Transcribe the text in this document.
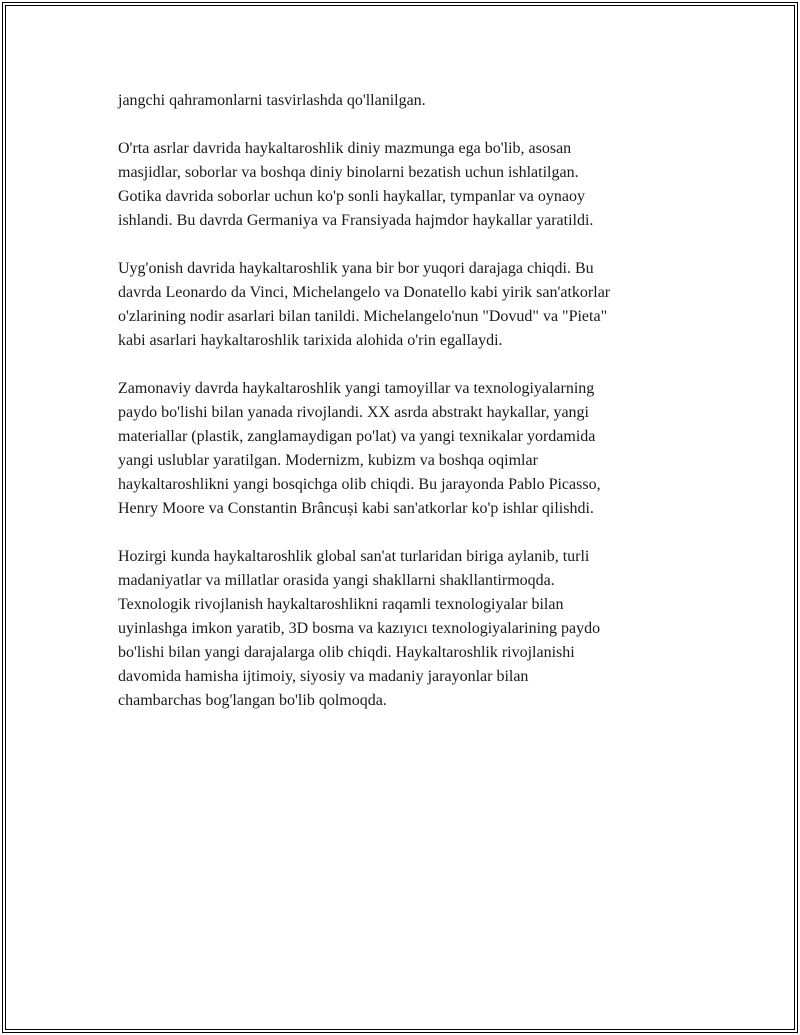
jangchi qahramonlarni tasvirlashda qo'llanilgan.

O'rta asrlar davrida haykaltaroshlik diniy mazmunga ega bo'lib, asosan
masjidlar, soborlar va boshqa diniy binolarni bezatish uchun ishlatilgan.
Gotika davrida soborlar uchun ko'p sonli haykallar, tympanlar va oynaoy
ishlandi. Bu davrda Germaniya va Fransiyada hajmdor haykallar yaratildi.

Uyg'onish davrida haykaltaroshlik yana bir bor yuqori darajaga chiqdi. Bu
davrda Leonardo da Vinci, Michelangelo va Donatello kabi yirik san'atkorlar
o'zlarining nodir asarlari bilan tanildi. Michelangelo'nun "Dovud" va "Pieta"
kabi asarlari haykaltaroshlik tarixida alohida o'rin egallaydi.

Zamonaviy davrda haykaltaroshlik yangi tamoyillar va texnologiyalarning
paydo bo'lishi bilan yanada rivojlandi. XX asrda abstrakt haykallar, yangi
materiallar (plastik, zanglamaydigan po'lat) va yangi texnikalar yordamida
yangi uslublar yaratilgan. Modernizm, kubizm va boshqa oqimlar
haykaltaroshlikni yangi bosqichga olib chiqdi. Bu jarayonda Pablo Picasso,
Henry Moore va Constantin Brâncuși kabi san'atkorlar ko'p ishlar qilishdi.

Hozirgi kunda haykaltaroshlik global san'at turlaridan biriga aylanib, turli
madaniyatlar va millatlar orasida yangi shakllarni shakllantirmoqda.
Texnologik rivojlanish haykaltaroshlikni raqamli texnologiyalar bilan
uyinlashga imkon yaratib, 3D bosma va kazıyıcı texnologiyalarining paydo
bo'lishi bilan yangi darajalarga olib chiqdi. Haykaltaroshlik rivojlanishi
davomida hamisha ijtimoiy, siyosiy va madaniy jarayonlar bilan
chambarchas bog'langan bo'lib qolmoqda.
